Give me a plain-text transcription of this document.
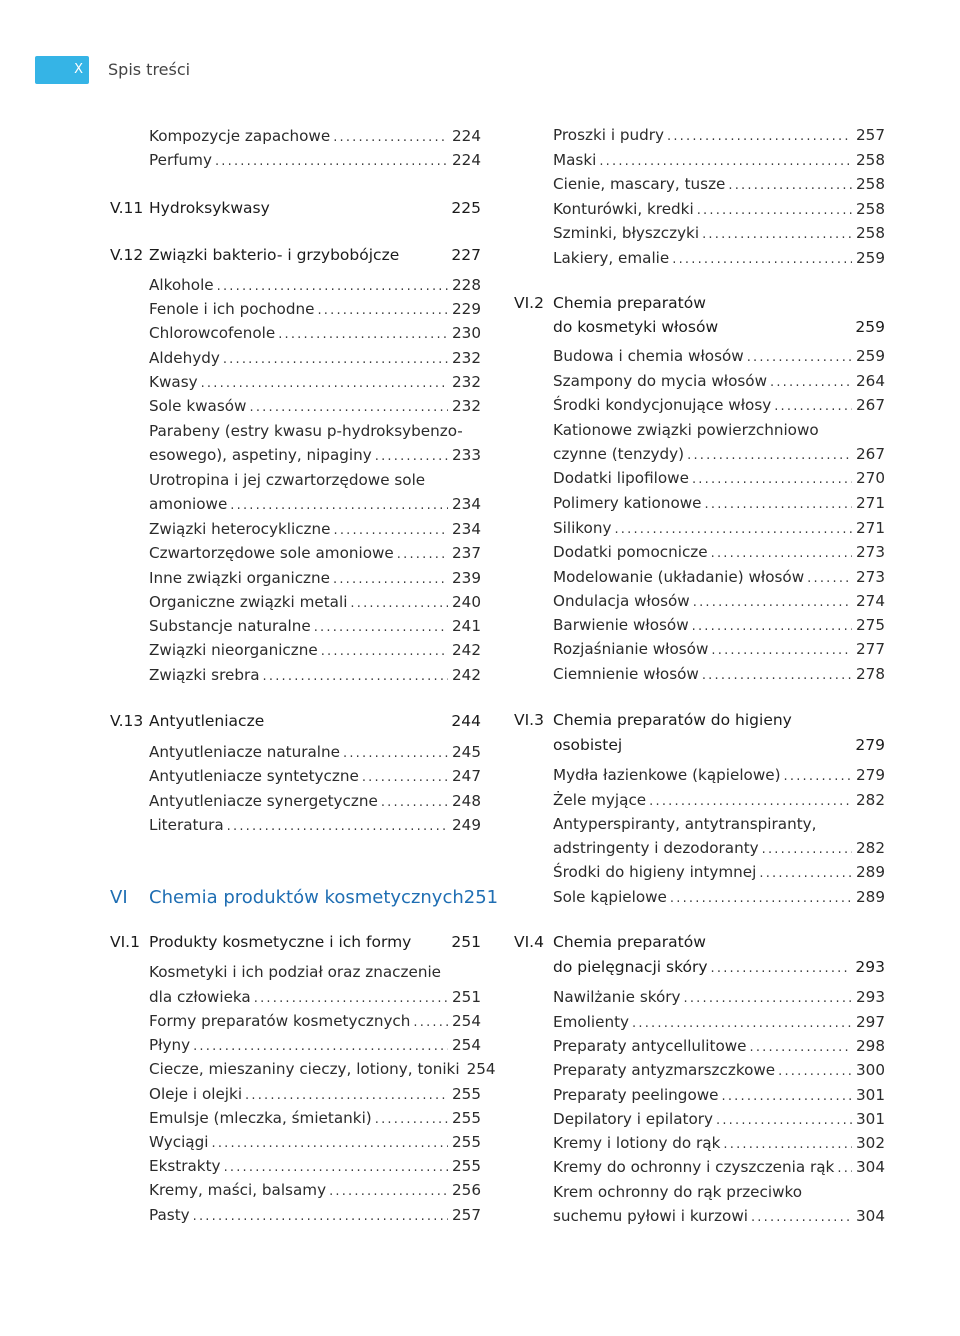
X	Spis treści
Kompozycje zapachowe .....	224
Perfumy .....	224
V.11 Hydroksykwasy	225
V.12 Związki bakterio- i grzybobójcze	227
Alkohole .....	228
Fenole i ich pochodne .....	229
Chlorowcofenole .....	230
Aldehydy .....	232
Kwasy .....	232
Sole kwasów .....	232
Parabeny (estry kwasu p-hydroksybenzo-
esowego), aspetiny, nipaginy .....	233
Urotropina i jej czwartorzędowe sole
amoniowe .....	234
Związki heterocykliczne .....	234
Czwartorzędowe sole amoniowe .....	237
Inne związki organiczne .....	239
Organiczne związki metali .....	240
Substancje naturalne .....	241
Związki nieorganiczne .....	242
Związki srebra .....	242
V.13 Antyutleniacze	244
Antyutleniacze naturalne .....	245
Antyutleniacze syntetyczne .....	247
Antyutleniacze synergetyczne .....	248
Literatura .....	249
VI Chemia produktów kosmetycznych 251
VI.1 Produkty kosmetyczne i ich formy	251
Kosmetyki i ich podział oraz znaczenie
dla człowieka .....	251
Formy preparatów kosmetycznych .....	254
Płyny .....	254
Ciecze, mieszaniny cieczy, lotiony, toniki 254
Oleje i olejki .....	255
Emulsje (mleczka, śmietanki) .....	255
Wyciągi .....	255
Ekstrakty .....	255
Kremy, maści, balsamy .....	256
Pasty .....	257
Proszki i pudry .....	257
Maski .....	258
Cienie, mascary, tusze .....	258
Konturówki, kredki .....	258
Szminki, błyszczyki .....	258
Lakiery, emalie .....	259
VI.2 Chemia preparatów
do kosmetyki włosów	259
Budowa i chemia włosów .....	259
Szampony do mycia włosów .....	264
Środki kondycjonujące włosy .....	267
Kationowe związki powierzchniowo
czynne (tenzydy) .....	267
Dodatki lipofilowe .....	270
Polimery kationowe .....	271
Silikony .....	271
Dodatki pomocnicze .....	273
Modelowanie (układanie) włosów .....	273
Ondulacja włosów .....	274
Barwienie włosów .....	275
Rozjaśnianie włosów .....	277
Ciemnienie włosów .....	278
VI.3 Chemia preparatów do higieny
osobistej	279
Mydła łazienkowe (kąpielowe) .....	279
Żele myjące .....	282
Antyperspiranty, antytranspiranty,
adstringenty i dezodoranty .....	282
Środki do higieny intymnej .....	289
Sole kąpielowe .....	289
VI.4 Chemia preparatów
do pielęgnacji skóry .....	293
Nawilżanie skóry .....	293
Emolienty .....	297
Preparaty antycellulitowe .....	298
Preparaty antyzmarszczkowe .....	300
Preparaty peelingowe .....	301
Depilatory i epilatory .....	301
Kremy i lotiony do rąk .....	302
Kremy do ochronny i czyszczenia rąk ..... 304
Krem ochronny do rąk przeciwko
suchemu pyłowi i kurzowi .....	304
